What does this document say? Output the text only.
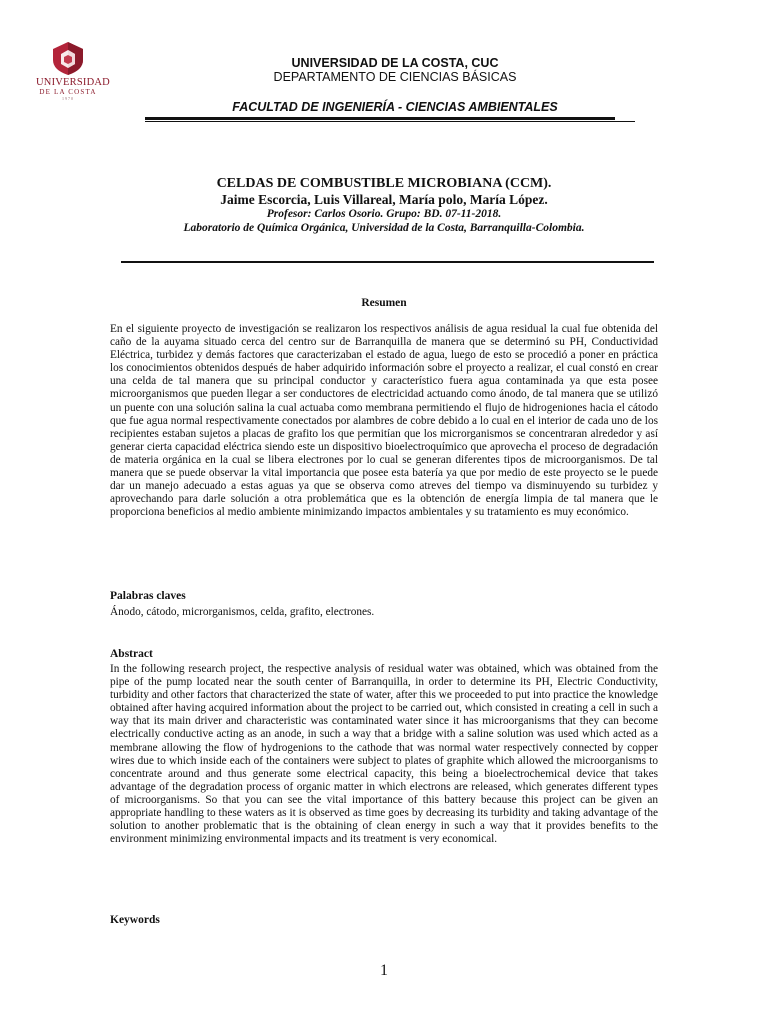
UNIVERSIDAD
DE LA COSTA
1970
UNIVERSIDAD DE LA COSTA, CUC
DEPARTAMENTO DE CIENCIAS BÁSICAS
FACULTAD DE INGENIERÍA - CIENCIAS AMBIENTALES
CELDAS DE COMBUSTIBLE MICROBIANA (CCM).
Jaime Escorcia, Luis Villareal, María polo, María López.
Profesor: Carlos Osorio. Grupo: BD. 07-11-2018.
Laboratorio de Química Orgánica, Universidad de la Costa, Barranquilla-Colombia.
Resumen
En el siguiente proyecto de investigación se realizaron los respectivos análisis de agua residual la cual fue obtenida del caño de la auyama situado cerca del centro sur de Barranquilla de manera que se determinó su PH, Conductividad Eléctrica, turbidez y demás factores que caracterizaban el estado de agua, luego de esto se procedió a poner en práctica los conocimientos obtenidos después de haber adquirido información sobre el proyecto a realizar, el cual constó en crear una celda de tal manera que su principal conductor y característico fuera agua contaminada ya que esta posee microorganismos que pueden llegar a ser conductores de electricidad actuando como ánodo, de tal manera que se utilizó un puente con una solución salina la cual actuaba como membrana permitiendo el flujo de hidrogeniones hacia el cátodo que fue agua normal respectivamente conectados por alambres de cobre debido a lo cual en el interior de cada uno de los recipientes estaban sujetos a placas de grafito los que permitían que los microrganismos se concentraran alrededor y así generar cierta capacidad eléctrica siendo este un dispositivo bioelectroquímico que aprovecha el proceso de degradación de materia orgánica en la cual se libera electrones por lo cual se generan diferentes tipos de microorganismos. De tal manera que se puede observar la vital importancia que posee esta batería ya que por medio de este proyecto se le puede dar un manejo adecuado a estas aguas ya que se observa como atreves del tiempo va disminuyendo su turbidez y aprovechando para darle solución a otra problemática que es la obtención de energía limpia de tal manera que le proporciona beneficios al medio ambiente minimizando impactos ambientales y su tratamiento es muy económico.
Palabras claves
Ánodo, cátodo, microrganismos, celda, grafito, electrones.
Abstract
In the following research project, the respective analysis of residual water was obtained, which was obtained from the pipe of the pump located near the south center of Barranquilla, in order to determine its PH, Electric Conductivity, turbidity and other factors that characterized the state of water, after this we proceeded to put into practice the knowledge obtained after having acquired information about the project to be carried out, which consisted in creating a cell in such a way that its main driver and characteristic was contaminated water since it has microorganisms that they can become electrically conductive acting as an anode, in such a way that a bridge with a saline solution was used which acted as a membrane allowing the flow of hydrogenions to the cathode that was normal water respectively connected by copper wires due to which inside each of the containers were subject to plates of graphite which allowed the microorganisms to concentrate around and thus generate some electrical capacity, this being a bioelectrochemical device that takes advantage of the degradation process of organic matter in which electrons are released, which generates different types of microorganisms. So that you can see the vital importance of this battery because this project can be given an appropriate handling to these waters as it is observed as time goes by decreasing its turbidity and taking advantage of the solution to another problematic that is the obtaining of clean energy in such a way that it provides benefits to the environment minimizing environmental impacts and its treatment is very economical.
Keywords
1
